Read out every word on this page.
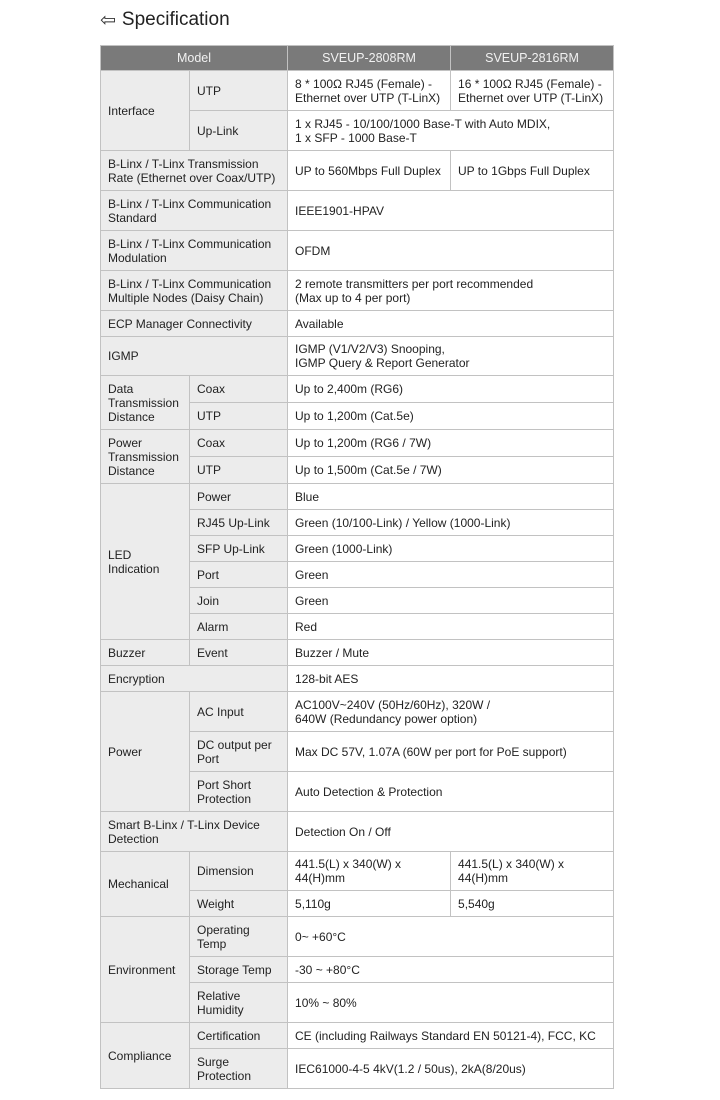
⇦ Specification
Model		SVEUP-2808RM	SVEUP-2816RM
Interface	UTP	8 * 100Ω RJ45 (Female) - Ethernet over UTP (T-LinX)	16 * 100Ω RJ45 (Female) - Ethernet over UTP (T-LinX)
	Up-Link	1 x RJ45 - 10/100/1000 Base-T with Auto MDIX,
1 x SFP - 1000 Base-T	
B-Linx / T-Linx Transmission Rate (Ethernet over Coax/UTP)		UP to 560Mbps Full Duplex	UP to 1Gbps Full Duplex
B-Linx / T-Linx Communication Standard		IEEE1901-HPAV	
B-Linx / T-Linx Communication Modulation		OFDM	
B-Linx / T-Linx Communication Multiple Nodes (Daisy Chain)		2 remote transmitters per port recommended
(Max up to 4 per port)	
ECP Manager Connectivity		Available	
IGMP		IGMP (V1/V2/V3) Snooping,
IGMP Query & Report Generator	
Data Transmission Distance	Coax	Up to 2,400m (RG6)	
	UTP	Up to 1,200m (Cat.5e)	
Power Transmission Distance	Coax	Up to 1,200m (RG6 / 7W)	
	UTP	Up to 1,500m (Cat.5e / 7W)	
LED Indication	Power	Blue	
	RJ45 Up-Link	Green (10/100-Link) / Yellow (1000-Link)	
	SFP Up-Link	Green (1000-Link)	
	Port	Green	
	Join	Green	
	Alarm	Red	
Buzzer	Event	Buzzer / Mute	
Encryption		128-bit AES	
Power	AC Input	AC100V~240V (50Hz/60Hz), 320W /
640W (Redundancy power option)	
	DC output per Port	Max DC 57V, 1.07A (60W per port for PoE support)	
	Port Short Protection	Auto Detection & Protection	
Smart B-Linx / T-Linx Device Detection		Detection On / Off	
Mechanical	Dimension	441.5(L) x 340(W) x 44(H)mm	441.5(L) x 340(W) x 44(H)mm
	Weight	5,110g	5,540g
Environment	Operating Temp	0~ +60°C	
	Storage Temp	-30 ~ +80°C	
	Relative Humidity	10% ~ 80%	
Compliance	Certification	CE (including Railways Standard EN 50121-4), FCC, KC	
	Surge Protection	IEC61000-4-5 4kV(1.2 / 50us), 2kA(8/20us)	
